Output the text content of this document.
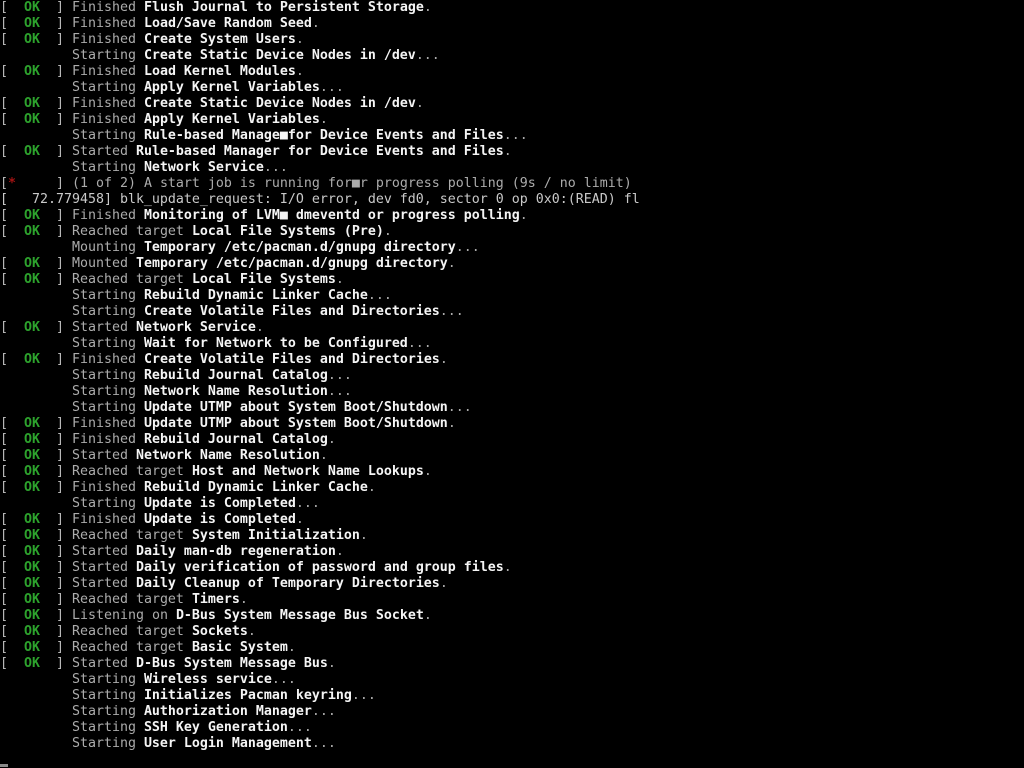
[  OK  ] Finished Flush Journal to Persistent Storage.
[  OK  ] Finished Load/Save Random Seed.
[  OK  ] Finished Create System Users.
Starting Create Static Device Nodes in /dev...
[  OK  ] Finished Load Kernel Modules.
Starting Apply Kernel Variables...
[  OK  ] Finished Create Static Device Nodes in /dev.
[  OK  ] Finished Apply Kernel Variables.
Starting Rule-based Manage■for Device Events and Files...
[  OK  ] Started Rule-based Manager for Device Events and Files.
Starting Network Service...
[*     ] (1 of 2) A start job is running for■r progress polling (9s / no limit)
[   72.779458] blk_update_request: I/O error, dev fd0, sector 0 op 0x0:(READ) fl
[  OK  ] Finished Monitoring of LVM■ dmeventd or progress polling.
[  OK  ] Reached target Local File Systems (Pre).
Mounting Temporary /etc/pacman.d/gnupg directory...
[  OK  ] Mounted Temporary /etc/pacman.d/gnupg directory.
[  OK  ] Reached target Local File Systems.
Starting Rebuild Dynamic Linker Cache...
Starting Create Volatile Files and Directories...
[  OK  ] Started Network Service.
Starting Wait for Network to be Configured...
[  OK  ] Finished Create Volatile Files and Directories.
Starting Rebuild Journal Catalog...
Starting Network Name Resolution...
Starting Update UTMP about System Boot/Shutdown...
[  OK  ] Finished Update UTMP about System Boot/Shutdown.
[  OK  ] Finished Rebuild Journal Catalog.
[  OK  ] Started Network Name Resolution.
[  OK  ] Reached target Host and Network Name Lookups.
[  OK  ] Finished Rebuild Dynamic Linker Cache.
Starting Update is Completed...
[  OK  ] Finished Update is Completed.
[  OK  ] Reached target System Initialization.
[  OK  ] Started Daily man-db regeneration.
[  OK  ] Started Daily verification of password and group files.
[  OK  ] Started Daily Cleanup of Temporary Directories.
[  OK  ] Reached target Timers.
[  OK  ] Listening on D-Bus System Message Bus Socket.
[  OK  ] Reached target Sockets.
[  OK  ] Reached target Basic System.
[  OK  ] Started D-Bus System Message Bus.
Starting Wireless service...
Starting Initializes Pacman keyring...
Starting Authorization Manager...
Starting SSH Key Generation...
Starting User Login Management...
